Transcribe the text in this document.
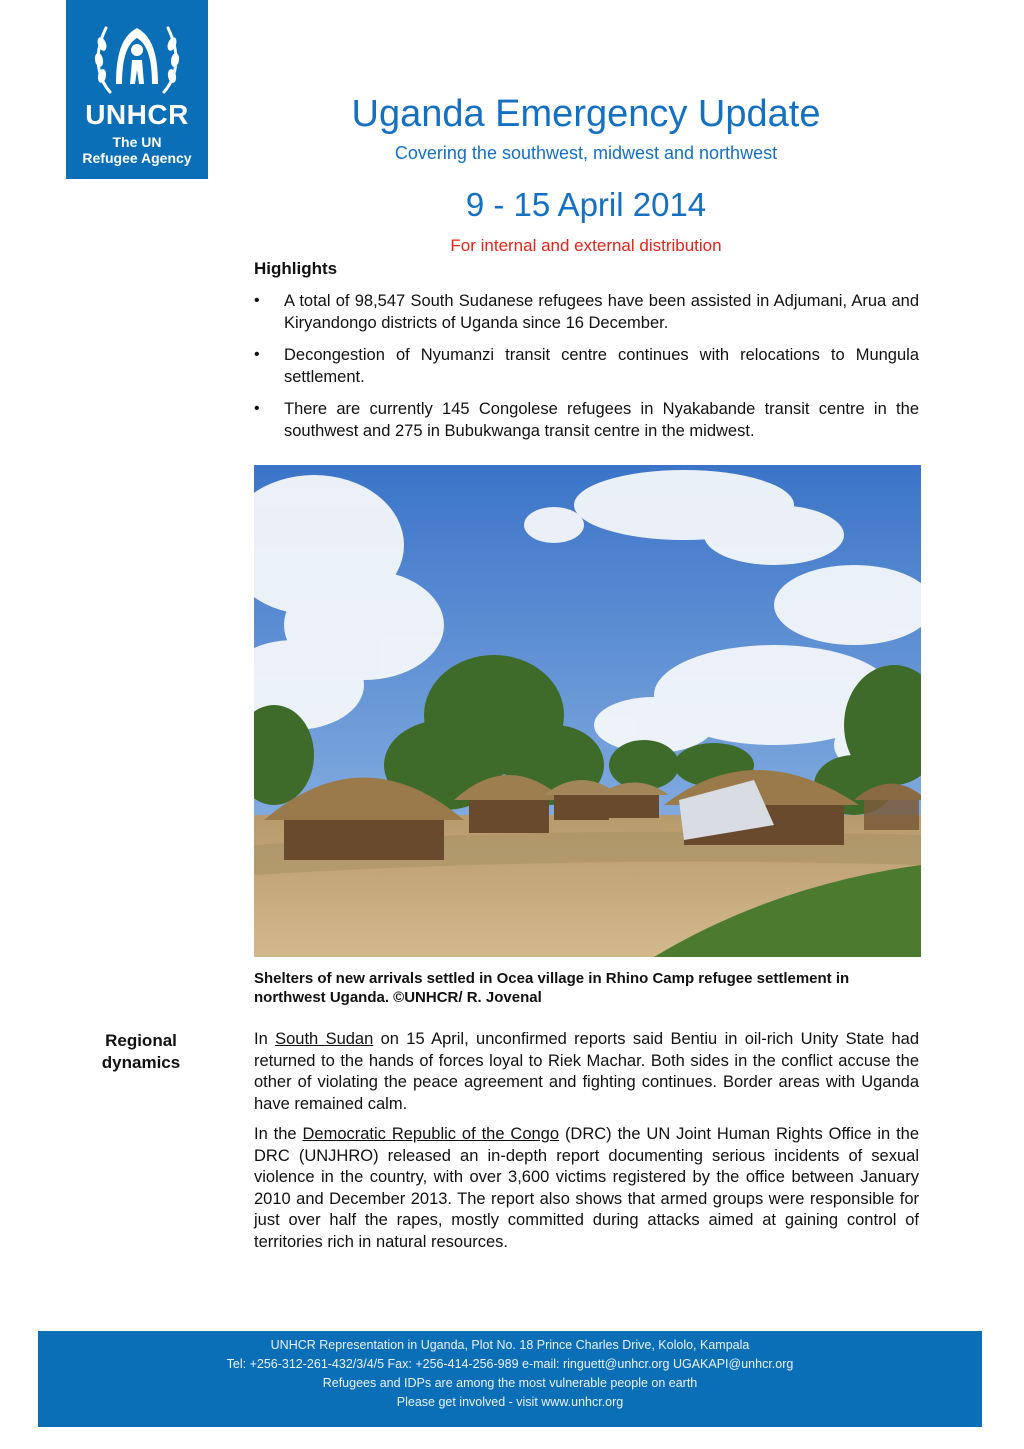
UNHCR
The UN
Refugee Agency
Uganda Emergency Update
Covering the southwest, midwest and northwest
9 - 15 April 2014
For internal and external distribution
Highlights
• A total of 98,547 South Sudanese refugees have been assisted in Adjumani, Arua and Kiryandongo districts of Uganda since 16 December.
• Decongestion of Nyumanzi transit centre continues with relocations to Mungula settlement.
• There are currently 145 Congolese refugees in Nyakabande transit centre in the southwest and 275 in Bubukwanga transit centre in the midwest.
Shelters of new arrivals settled in Ocea village in Rhino Camp refugee settlement in northwest Uganda. ©UNHCR/ R. Jovenal
Regional
dynamics

In South Sudan on 15 April, unconfirmed reports said Bentiu in oil-rich Unity State had returned to the hands of forces loyal to Riek Machar. Both sides in the conflict accuse the other of violating the peace agreement and fighting continues. Border areas with Uganda have remained calm.

In the Democratic Republic of the Congo (DRC) the UN Joint Human Rights Office in the DRC (UNJHRO) released an in-depth report documenting serious incidents of sexual violence in the country, with over 3,600 victims registered by the office between January 2010 and December 2013. The report also shows that armed groups were responsible for just over half the rapes, mostly committed during attacks aimed at gaining control of territories rich in natural resources.

UNHCR Representation in Uganda, Plot No. 18 Prince Charles Drive, Kololo, Kampala
Tel: +256-312-261-432/3/4/5 Fax: +256-414-256-989 e-mail: ringuett@unhcr.org UGAKAPI@unhcr.org
Refugees and IDPs are among the most vulnerable people on earth
Please get involved - visit www.unhcr.org
